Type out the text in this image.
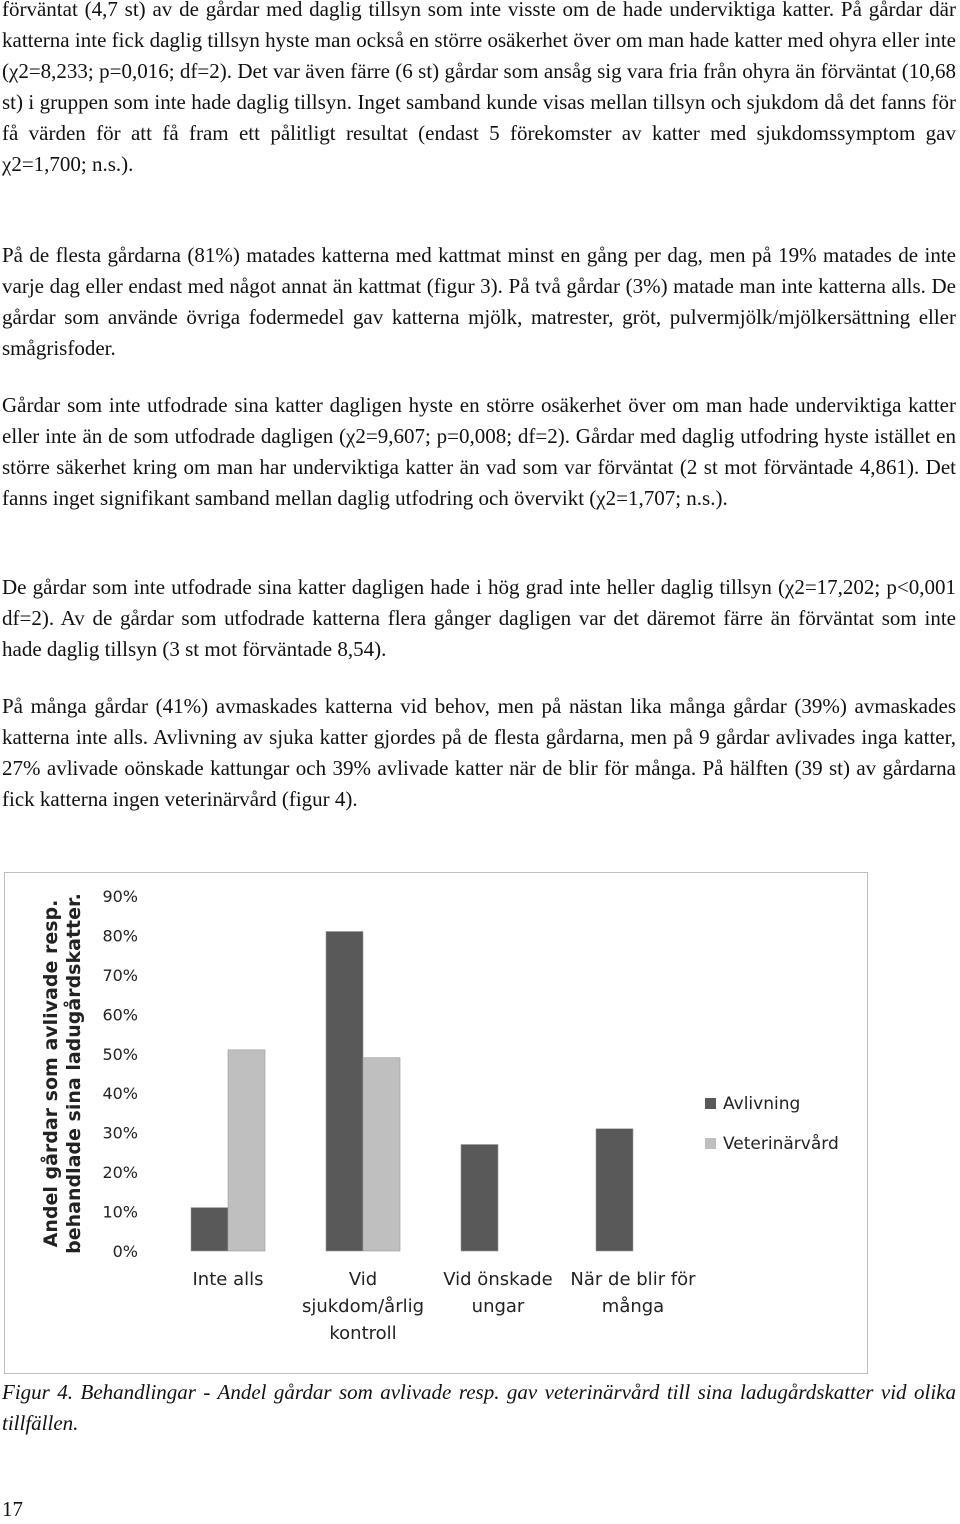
förväntat (4,7 st) av de gårdar med daglig tillsyn som inte visste om de hade underviktiga katter. På gårdar där katterna inte fick daglig tillsyn hyste man också en större osäkerhet över om man hade katter med ohyra eller inte (χ2=8,233; p=0,016; df=2). Det var även färre (6 st) gårdar som ansåg sig vara fria från ohyra än förväntat (10,68 st) i gruppen som inte hade daglig tillsyn. Inget samband kunde visas mellan tillsyn och sjukdom då det fanns för få värden för att få fram ett pålitligt resultat (endast 5 förekomster av katter med sjukdomssymptom gav χ2=1,700; n.s.).

På de flesta gårdarna (81%) matades katterna med kattmat minst en gång per dag, men på 19% matades de inte varje dag eller endast med något annat än kattmat (figur 3). På två gårdar (3%) matade man inte katterna alls. De gårdar som använde övriga fodermedel gav katterna mjölk, matrester, gröt, pulvermjölk/mjölkersättning eller smågrisfoder.

Gårdar som inte utfodrade sina katter dagligen hyste en större osäkerhet över om man hade underviktiga katter eller inte än de som utfodrade dagligen (χ2=9,607; p=0,008; df=2). Gårdar med daglig utfodring hyste istället en större säkerhet kring om man har underviktiga katter än vad som var förväntat (2 st mot förväntade 4,861). Det fanns inget signifikant samband mellan daglig utfodring och övervikt (χ2=1,707; n.s.).

De gårdar som inte utfodrade sina katter dagligen hade i hög grad inte heller daglig tillsyn (χ2=17,202; p<0,001 df=2). Av de gårdar som utfodrade katterna flera gånger dagligen var det däremot färre än förväntat som inte hade daglig tillsyn (3 st mot förväntade 8,54).

På många gårdar (41%) avmaskades katterna vid behov, men på nästan lika många gårdar (39%) avmaskades katterna inte alls. Avlivning av sjuka katter gjordes på de flesta gårdarna, men på 9 gårdar avlivades inga katter, 27% avlivade oönskade kattungar och 39% avlivade katter när de blir för många. På hälften (39 st) av gårdarna fick katterna ingen veterinärvård (figur 4).

Andel gårdar som avlivade resp. behandlade sina ladugårdskatter. 0%
10%
20%
30%
40%
50%
60%
70%
80%
90%
Inte alls	Vid
sjukdom/årlig
kontroll
Vid önskade
ungar
När de blir för
många
Avlivning
Veterinärvård

Figur 4. Behandlingar - Andel gårdar som avlivade resp. gav veterinärvård till sina ladugårdskatter vid olika tillfällen.

17
